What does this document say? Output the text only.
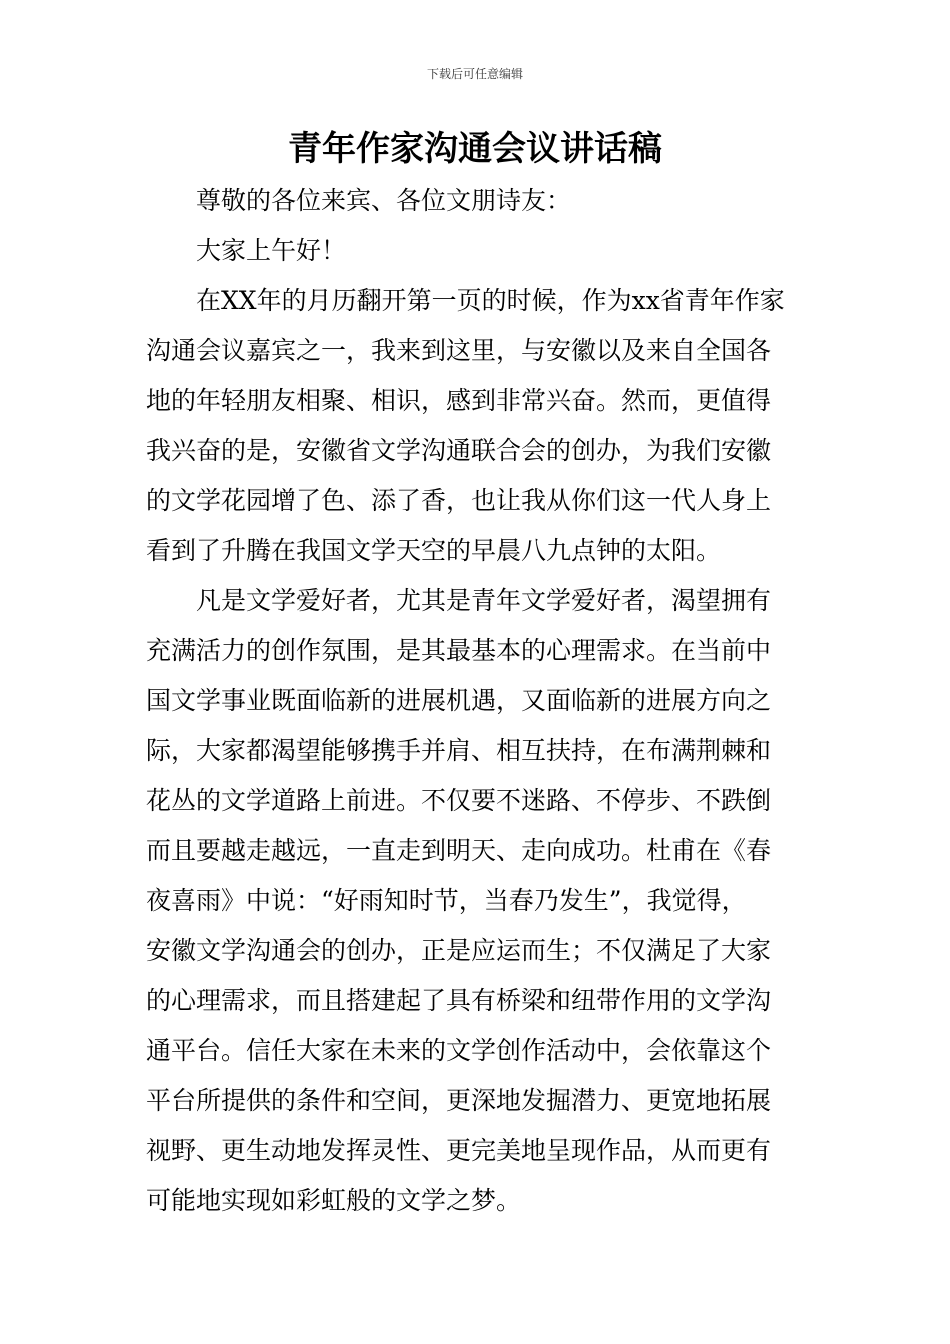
下载后可任意编辑
青年作家沟通会议讲话稿
尊敬的各位来宾、各位文朋诗友：
大家上午好！
在XX年的月历翻开第一页的时候，作为xx省青年作家
沟通会议嘉宾之一，我来到这里，与安徽以及来自全国各
地的年轻朋友相聚、相识，感到非常兴奋。然而，更值得
我兴奋的是，安徽省文学沟通联合会的创办，为我们安徽
的文学花园增了色、添了香，也让我从你们这一代人身上
看到了升腾在我国文学天空的早晨八九点钟的太阳。
凡是文学爱好者，尤其是青年文学爱好者，渴望拥有
充满活力的创作氛围，是其最基本的心理需求。在当前中
国文学事业既面临新的进展机遇，又面临新的进展方向之
际，大家都渴望能够携手并肩、相互扶持，在布满荆棘和
花丛的文学道路上前进。不仅要不迷路、不停步、不跌倒
而且要越走越远，一直走到明天、走向成功。杜甫在《春
夜喜雨》中说：“好雨知时节，当春乃发生”，我觉得，
安徽文学沟通会的创办，正是应运而生；不仅满足了大家
的心理需求，而且搭建起了具有桥梁和纽带作用的文学沟
通平台。信任大家在未来的文学创作活动中，会依靠这个
平台所提供的条件和空间，更深地发掘潜力、更宽地拓展
视野、更生动地发挥灵性、更完美地呈现作品，从而更有
可能地实现如彩虹般的文学之梦。
